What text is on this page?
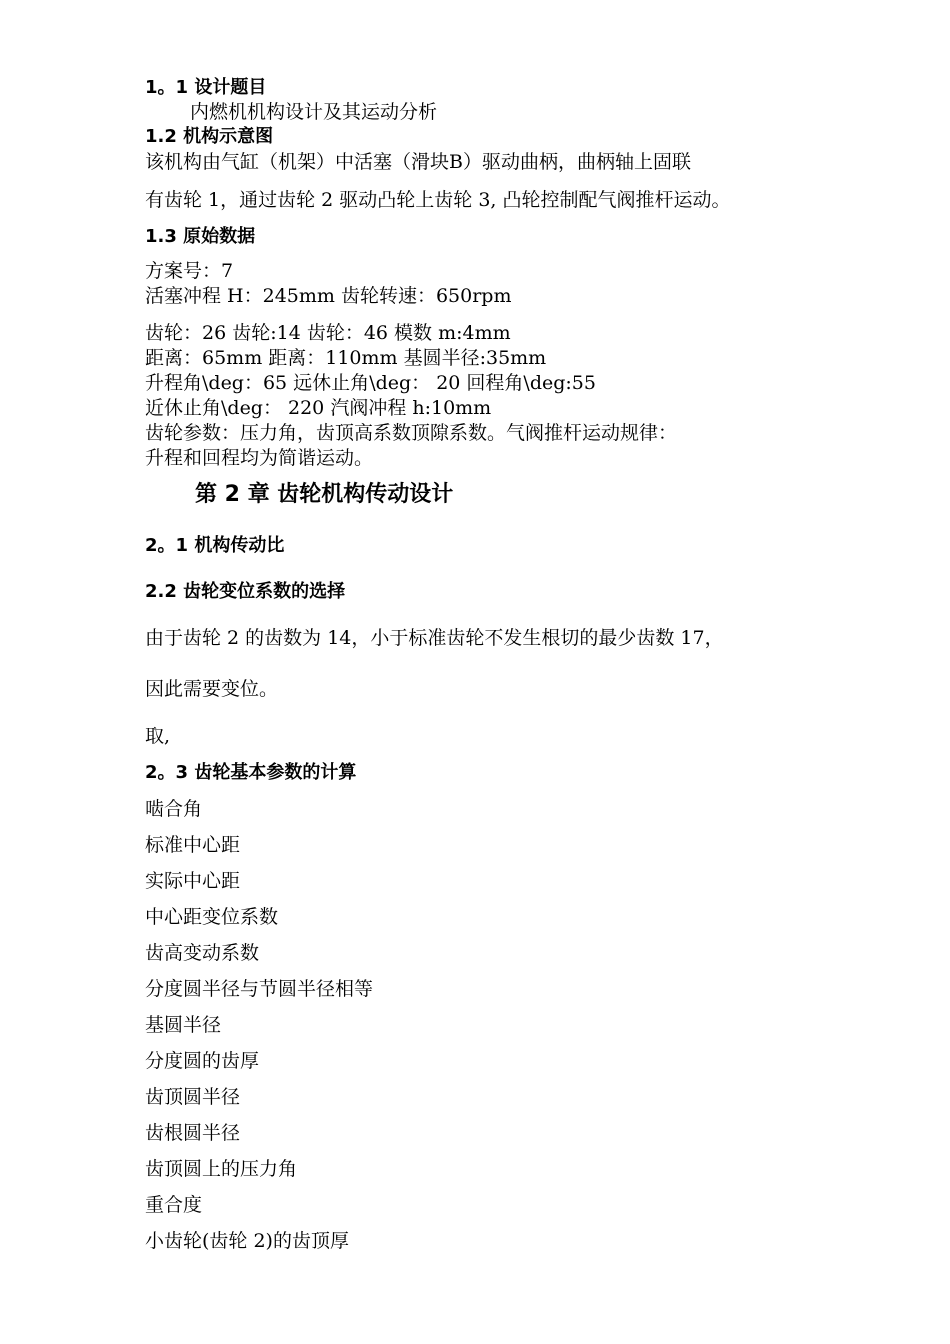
1。1 设计题目
内燃机机构设计及其运动分析
1.2 机构示意图
该机构由气缸（机架）中活塞（滑块B）驱动曲柄，曲柄轴上固联
有齿轮 1，通过齿轮 2 驱动凸轮上齿轮 3, 凸轮控制配气阀推杆运动。
1.3 原始数据
方案号：7
活塞冲程 H：245mm 齿轮转速：650rpm
齿轮：26 齿轮:14 齿轮：46 模数 m:4mm
距离：65mm 距离：110mm 基圆半径:35mm
升程角\deg：65 远休止角\deg： 20 回程角\deg:55
近休止角\deg： 220 汽阀冲程 h:10mm
齿轮参数：压力角，齿顶高系数顶隙系数。气阀推杆运动规律：
升程和回程均为简谐运动。
第 2 章 齿轮机构传动设计
2。1 机构传动比
2.2 齿轮变位系数的选择
由于齿轮 2 的齿数为 14，小于标准齿轮不发生根切的最少齿数 17，
因此需要变位。
取,
2。3 齿轮基本参数的计算
啮合角
标准中心距
实际中心距
中心距变位系数
齿高变动系数
分度圆半径与节圆半径相等
基圆半径
分度圆的齿厚
齿顶圆半径
齿根圆半径
齿顶圆上的压力角
重合度
小齿轮(齿轮 2)的齿顶厚
